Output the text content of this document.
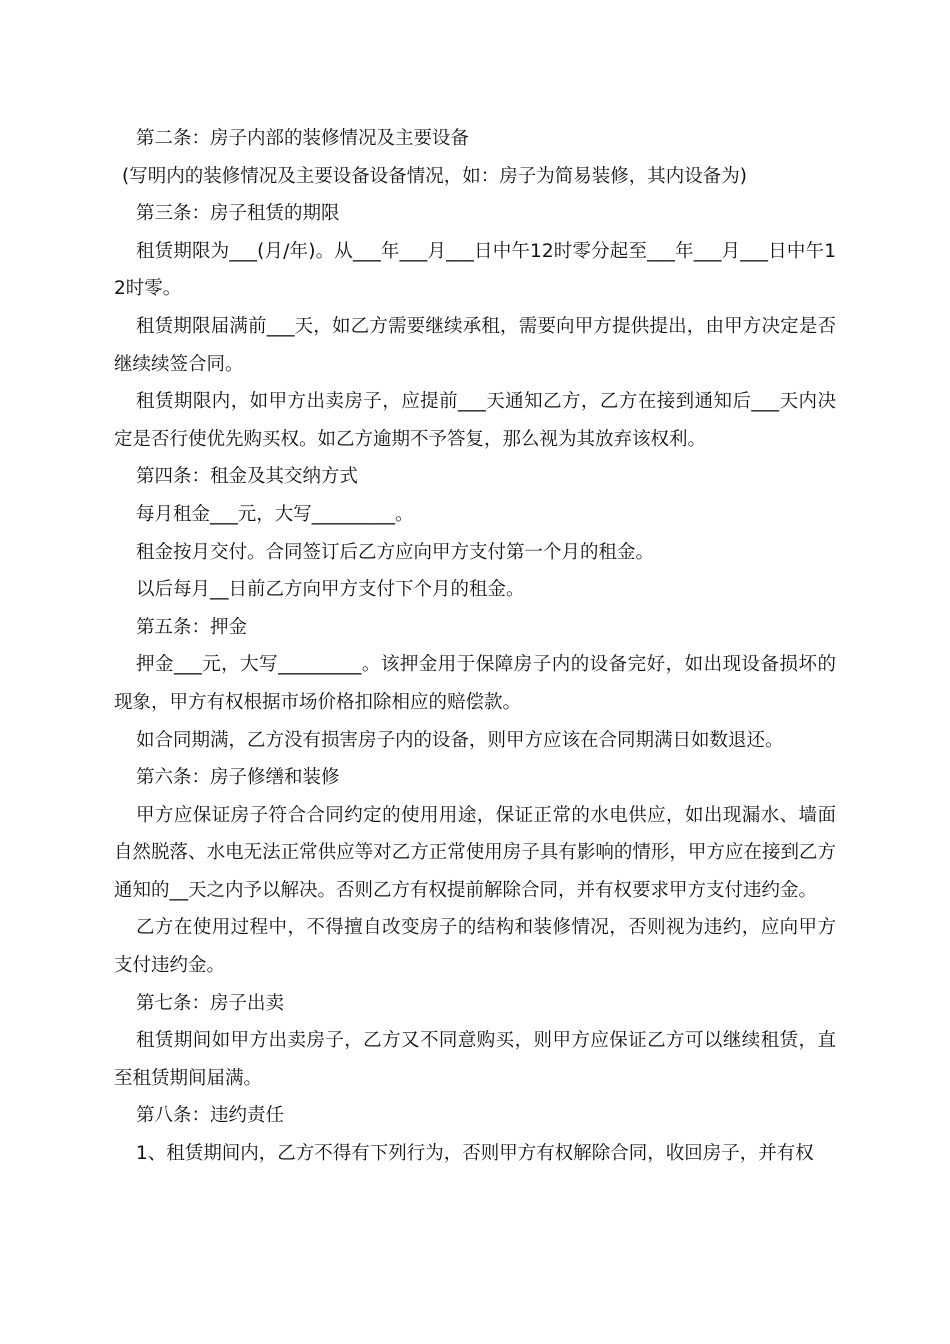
第二条：房子内部的装修情况及主要设备

(写明内的装修情况及主要设备设备情况，如：房子为简易装修，其内设备为)

第三条：房子租赁的期限

租赁期限为___(月/年)。从___年___月___日中午12时零分起至___年___月___日中午12时零。

租赁期限届满前___天，如乙方需要继续承租，需要向甲方提供提出，由甲方决定是否继续续签合同。

租赁期限内，如甲方出卖房子，应提前___天通知乙方，乙方在接到通知后___天内决定是否行使优先购买权。如乙方逾期不予答复，那么视为其放弃该权利。

第四条：租金及其交纳方式

每月租金___元，大写_________。

租金按月交付。合同签订后乙方应向甲方支付第一个月的租金。

以后每月__日前乙方向甲方支付下个月的租金。

第五条：押金

押金___元，大写_________。该押金用于保障房子内的设备完好，如出现设备损坏的现象，甲方有权根据市场价格扣除相应的赔偿款。

如合同期满，乙方没有损害房子内的设备，则甲方应该在合同期满日如数退还。

第六条：房子修缮和装修

甲方应保证房子符合合同约定的使用用途，保证正常的水电供应，如出现漏水、墙面自然脱落、水电无法正常供应等对乙方正常使用房子具有影响的情形，甲方应在接到乙方通知的__天之内予以解决。否则乙方有权提前解除合同，并有权要求甲方支付违约金。

乙方在使用过程中，不得擅自改变房子的结构和装修情况，否则视为违约，应向甲方支付违约金。

第七条：房子出卖

租赁期间如甲方出卖房子，乙方又不同意购买，则甲方应保证乙方可以继续租赁，直至租赁期间届满。

第八条：违约责任

1、租赁期间内，乙方不得有下列行为，否则甲方有权解除合同，收回房子，并有权
